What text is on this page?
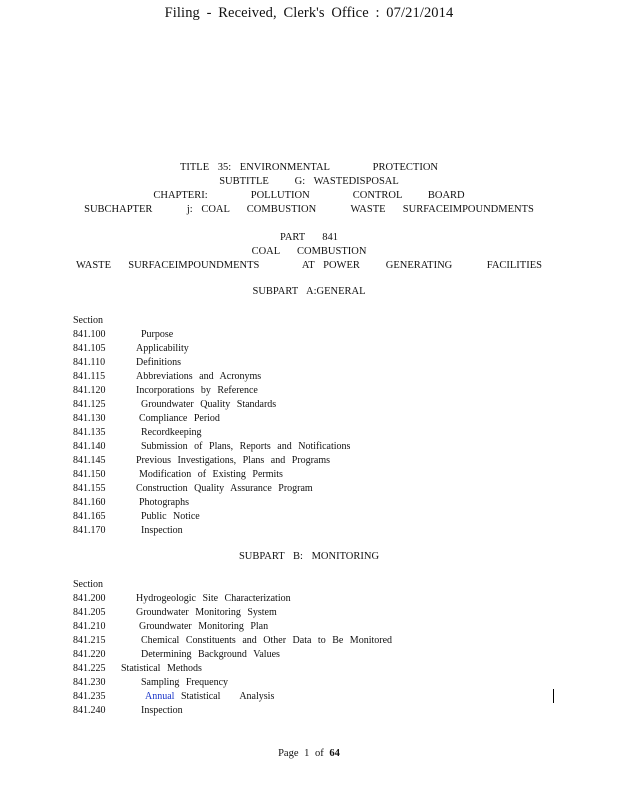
Filing - Received, Clerk's Office : 07/21/2014
TITLE 35: ENVIRONMENTAL     PROTECTION
SUBTITLE   G: WASTEDISPOSAL
CHAPTERI:     POLLUTION     CONTROL   BOARD
SUBCHAPTER    j: COAL  COMBUSTION    WASTE  SURFACEIMPOUNDMENTS
PART  841
COAL  COMBUSTION
WASTE  SURFACEIMPOUNDMENTS     AT POWER   GENERATING    FACILITIES
SUBPART A:GENERAL
Section
841.100	Purpose
841.105	Applicability
841.110	Definitions
841.115	Abbreviations and Acronyms
841.120	Incorporations by Reference
841.125	Groundwater Quality Standards
841.130	Compliance Period
841.135	Recordkeeping
841.140	Submission of Plans, Reports and Notifications
841.145	Previous Investigations, Plans and Programs
841.150	Modification of Existing Permits
841.155	Construction Quality Assurance Program
841.160	Photographs
841.165	Public Notice
841.170	Inspection
SUBPART B: MONITORING
Section
841.200	Hydrogeologic Site Characterization
841.205	Groundwater Monitoring System
841.210	Groundwater Monitoring Plan
841.215	Chemical Constituents and Other Data to Be Monitored
841.220	Determining Background Values
841.225 Statistical Methods
841.230	Sampling Frequency
841.235	Annual Statistical   Analysis
841.240	Inspection
Page 1 of 64
